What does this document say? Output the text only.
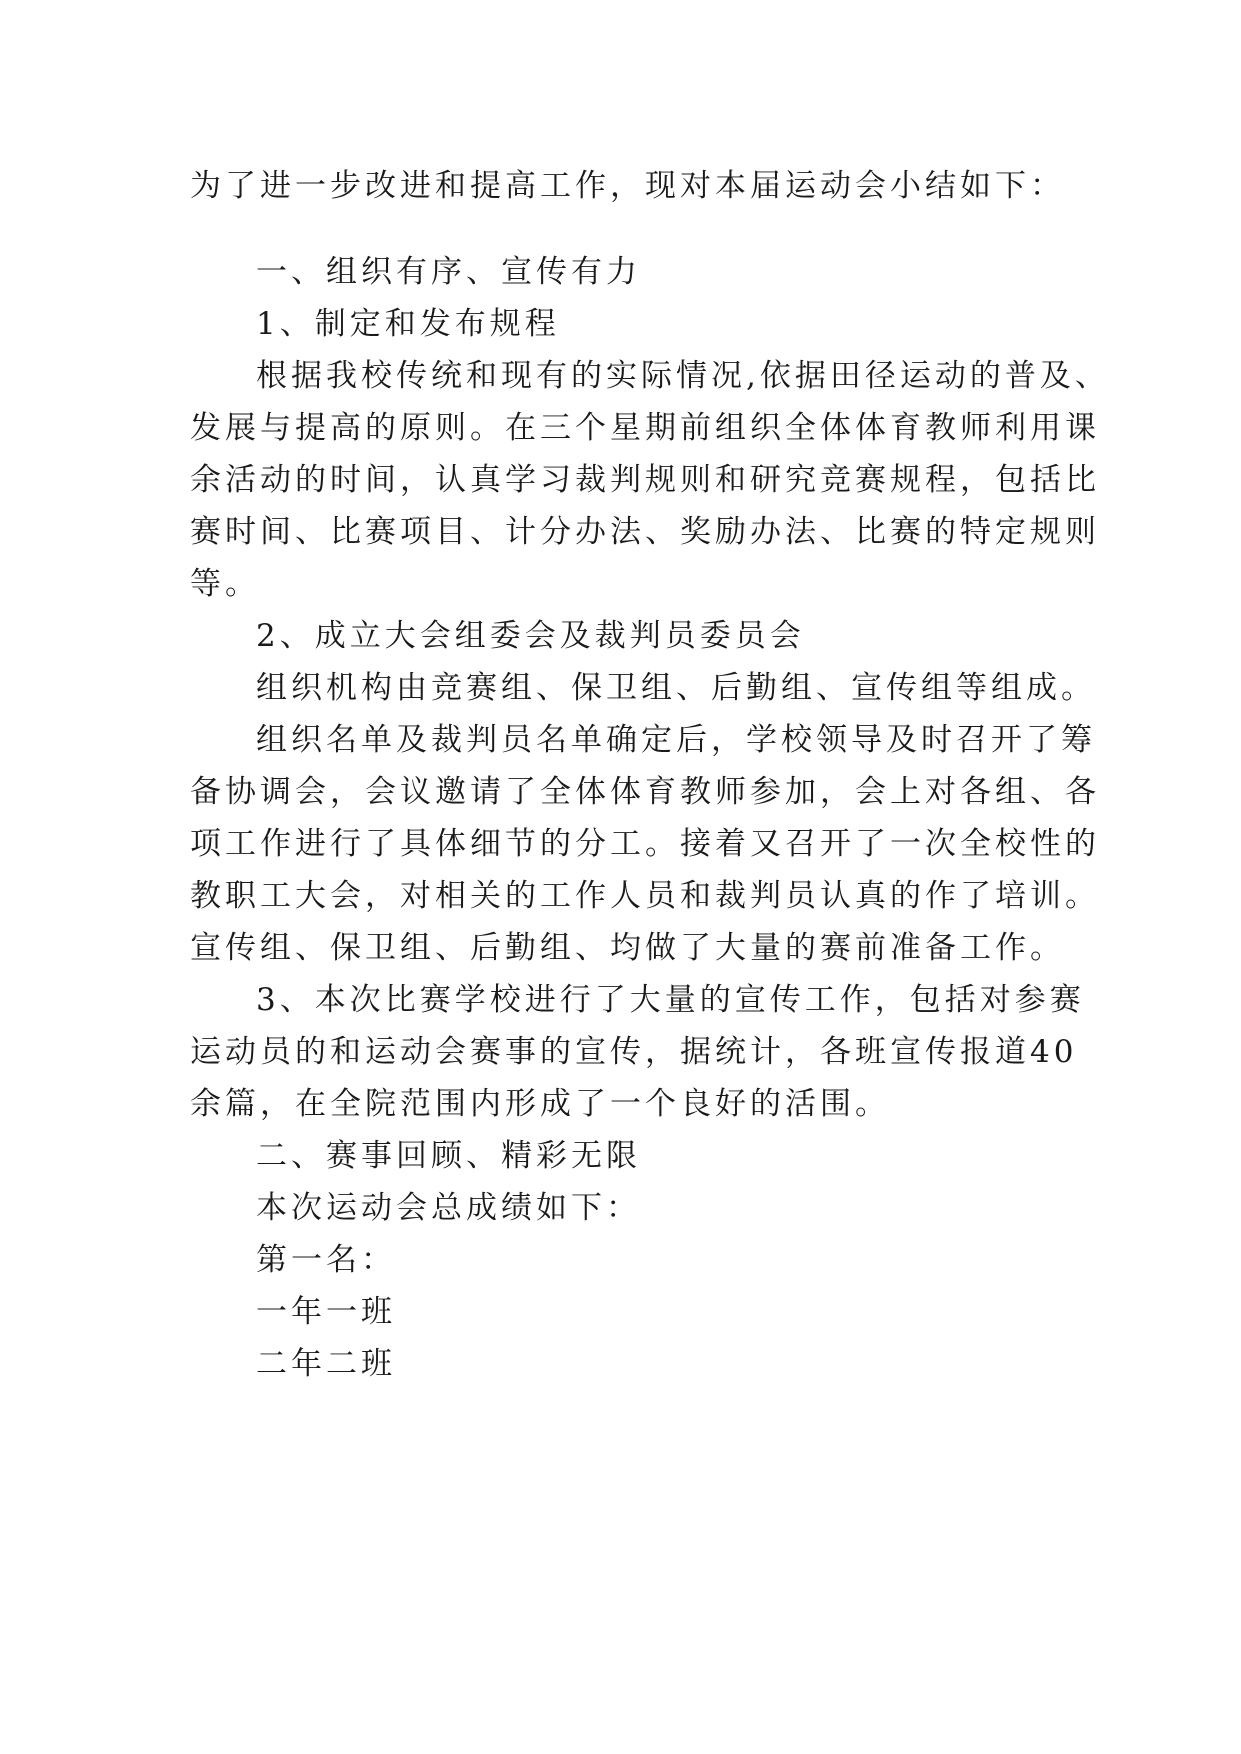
为了进一步改进和提高工作，现对本届运动会小结如下：
一、组织有序、宣传有力
1、制定和发布规程
根据我校传统和现有的实际情况,依据田径运动的普及、
发展与提高的原则。在三个星期前组织全体体育教师利用课
余活动的时间，认真学习裁判规则和研究竞赛规程，包括比
赛时间、比赛项目、计分办法、奖励办法、比赛的特定规则
等。
2、成立大会组委会及裁判员委员会
组织机构由竞赛组、保卫组、后勤组、宣传组等组成。
组织名单及裁判员名单确定后，学校领导及时召开了筹
备协调会，会议邀请了全体体育教师参加，会上对各组、各
项工作进行了具体细节的分工。接着又召开了一次全校性的
教职工大会，对相关的工作人员和裁判员认真的作了培训。
宣传组、保卫组、后勤组、均做了大量的赛前准备工作。
3、本次比赛学校进行了大量的宣传工作，包括对参赛
运动员的和运动会赛事的宣传，据统计，各班宣传报道40
余篇，在全院范围内形成了一个良好的活围。
二、赛事回顾、精彩无限
本次运动会总成绩如下：
第一名：
一年一班
二年二班
